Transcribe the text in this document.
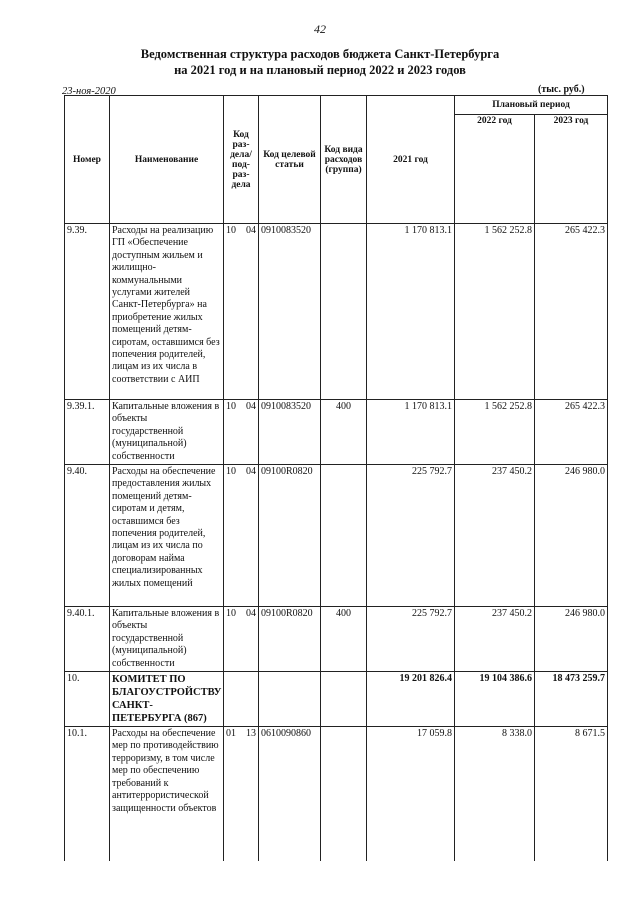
42
Ведомственная структура расходов бюджета Санкт-Петербурга
на 2021 год и на плановый период 2022 и 2023 годов
23-ноя-2020	(тыс. руб.)
Номер	Наименование	Код раз-дела/ под-раз-дела	Код целевой статьи	Код вида расходов (группа)	2021 год	Плановый период	
						2022 год	2023 год
9.39.	Расходы на реализацию ГП «Обеспечение доступным жильем и жилищно-коммунальными услугами жителей Санкт-Петербурга» на приобретение жилых помещений детям-сиротам, оставшимся без попечения родителей, лицам из их числа в соответствии с АИП	10 04	0910083520		1 170 813.1	1 562 252.8	265 422.3
9.39.1.	Капитальные вложения в объекты государственной (муниципальной) собственности	10 04	0910083520	400	1 170 813.1	1 562 252.8	265 422.3
9.40.	Расходы на обеспечение предоставления жилых помещений детям-сиротам и детям, оставшимся без попечения родителей, лицам из их числа по договорам найма специализированных жилых помещений	10 04	09100R0820		225 792.7	237 450.2	246 980.0
9.40.1.	Капитальные вложения в объекты государственной (муниципальной) собственности	10 04	09100R0820	400	225 792.7	237 450.2	246 980.0
10.	КОМИТЕТ ПО БЛАГОУСТРОЙСТВУ САНКТ-ПЕТЕРБУРГА (867)				19 201 826.4	19 104 386.6	18 473 259.7
10.1.	Расходы на обеспечение мер по противодействию терроризму, в том числе мер по обеспечению требований к антитеррористической защищенности объектов	01 13	0610090860		17 059.8	8 338.0	8 671.5
